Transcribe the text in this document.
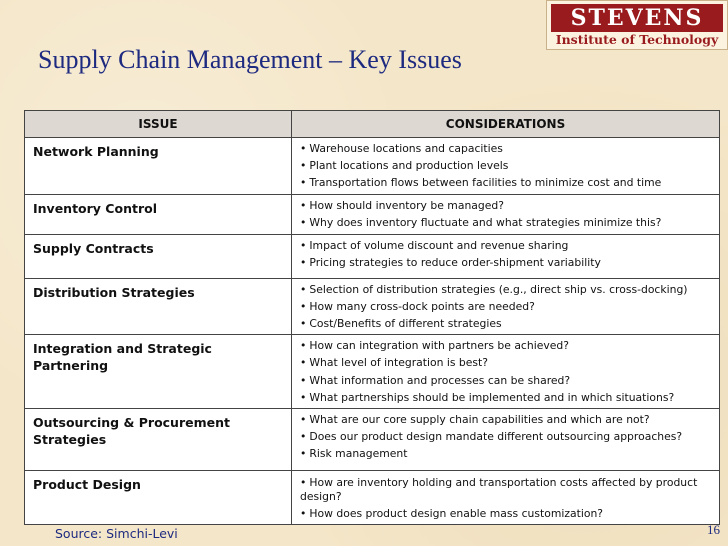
STEVENS
Institute of Technology
Supply Chain Management – Key Issues
ISSUE	CONSIDERATIONS
Network Planning	• Warehouse locations and capacities
• Plant locations and production levels
• Transportation flows between facilities to minimize cost and time

Inventory Control	• How should inventory be managed?
• Why does inventory fluctuate and what strategies minimize this?

Supply Contracts	• Impact of volume discount and revenue sharing
• Pricing strategies to reduce order-shipment variability

Distribution Strategies	• Selection of distribution strategies (e.g., direct ship vs. cross-docking)
• How many cross-dock points are needed?
• Cost/Benefits of different strategies

Integration and Strategic Partnering	• How can integration with partners be achieved?
• What level of integration is best?
• What information and processes can be shared?
• What partnerships should be implemented and in which situations?

Outsourcing & Procurement Strategies	• What are our core supply chain capabilities and which are not?
• Does our product design mandate different outsourcing approaches?
• Risk management

Product Design	• How are inventory holding and transportation costs affected by product design?
• How does product design enable mass customization?
Source: Simchi-Levi	16
